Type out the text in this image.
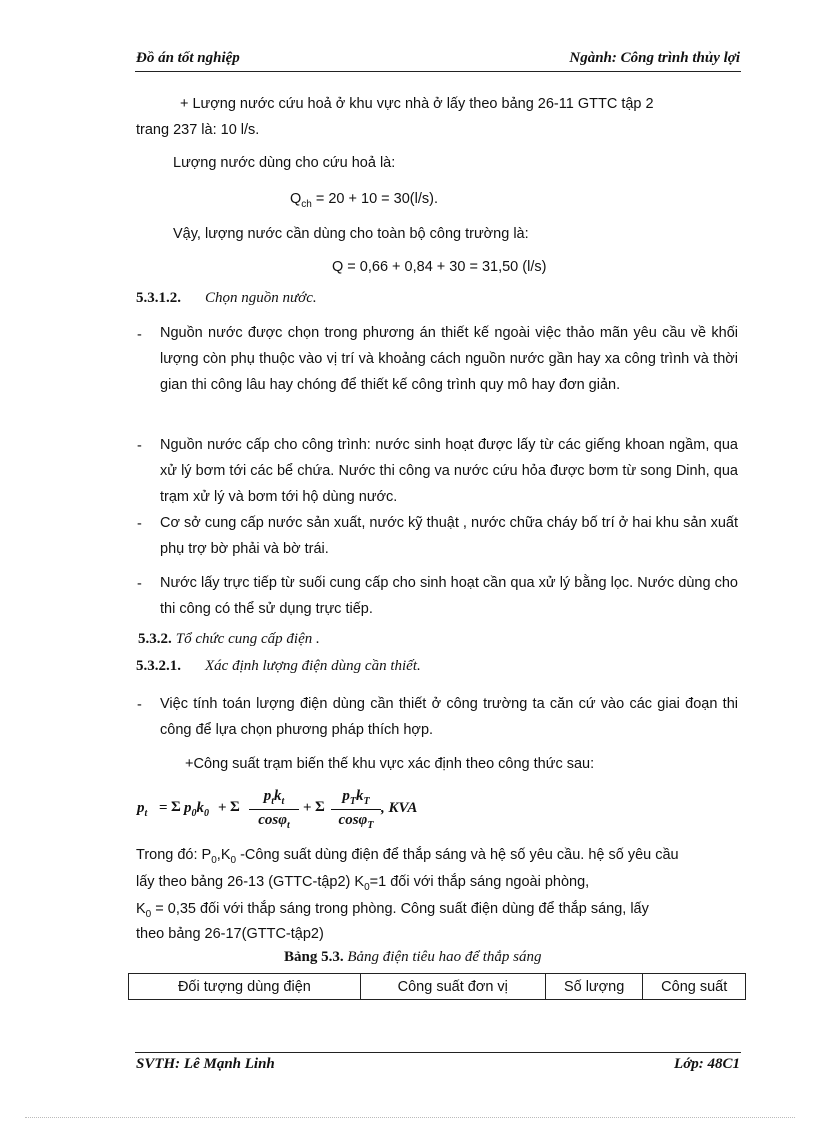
Đồ án tốt nghiệp	Ngành: Công trình thủy lợi
+ Lượng nước cứu hoả ở khu vực nhà ở lấy theo bảng 26-11 GTTC tập 2
trang 237 là: 10 l/s.
Lượng nước dùng cho cứu hoả là:
$Q_{ch} = 20 + 10 = 30(l/s)$.
Vậy, lượng nước cần dùng cho toàn bộ công trường là:
Q = 0,66 + 0,84 + 30 = 31,50 (l/s)
5.3.1.2. Chọn nguồn nước.
- Nguồn nước được chọn trong phương án thiết kế ngoài việc thảo mãn yêu cầu về khối lượng còn phụ thuộc vào vị trí và khoảng cách nguồn nước gần hay xa công trình và thời gian thi công lâu hay chóng để thiết kế công trình quy mô hay đơn giản.
- Nguồn nước cấp cho công trình: nước sinh hoạt được lấy từ các giếng khoan ngầm, qua xử lý bơm tới các bể chứa. Nước thi công va nước cứu hỏa được bơm từ song Dinh, qua trạm xử lý và bơm tới hộ dùng nước.
- Cơ sở cung cấp nước sản xuất, nước kỹ thuật , nước chữa cháy bố trí ở hai khu sản xuất phụ trợ bờ phải và bờ trái.
- Nước lấy trực tiếp từ suối cung cấp cho sinh hoạt cần qua xử lý bằng lọc. Nước dùng cho thi công có thể sử dụng trực tiếp.
5.3.2. Tổ chức cung cấp điện .
5.3.2.1. Xác định lượng điện dùng cần thiết.
- Việc tính toán lượng điện dùng cần thiết ở công trường ta căn cứ vào các giai đoạn thi công để lựa chọn phương pháp thích hợp.
+Công suất trạm biến thế khu vực xác định theo công thức sau:
$p_t = \Sigma$ $p_0k_0 + \Sigma$
$p_tk_t$
cosφ$_t$
+ Σ
$p_Tk_T$
cosφ$_T$
, KVA
Trong đó: $P_0,K_0$ -Công suất dùng điện để thắp sáng và hệ số yêu cầu. hệ số yêu cầu
lấy theo bảng 26-13 (GTTC-tập2) $K_0=1$ đối với thắp sáng ngoài phòng,
$K_0 = 0,35$ đối với thắp sáng trong phòng. Công suất điện dùng để thắp sáng, lấy
theo bảng 26-17(GTTC-tập2)
Bảng 5.3. Bảng điện tiêu hao để thắp sáng
Đối tượng dùng điện	Công suất đơn vị	Số lượng	Công suất
SVTH: Lê Mạnh Linh	Lớp: 48C1
